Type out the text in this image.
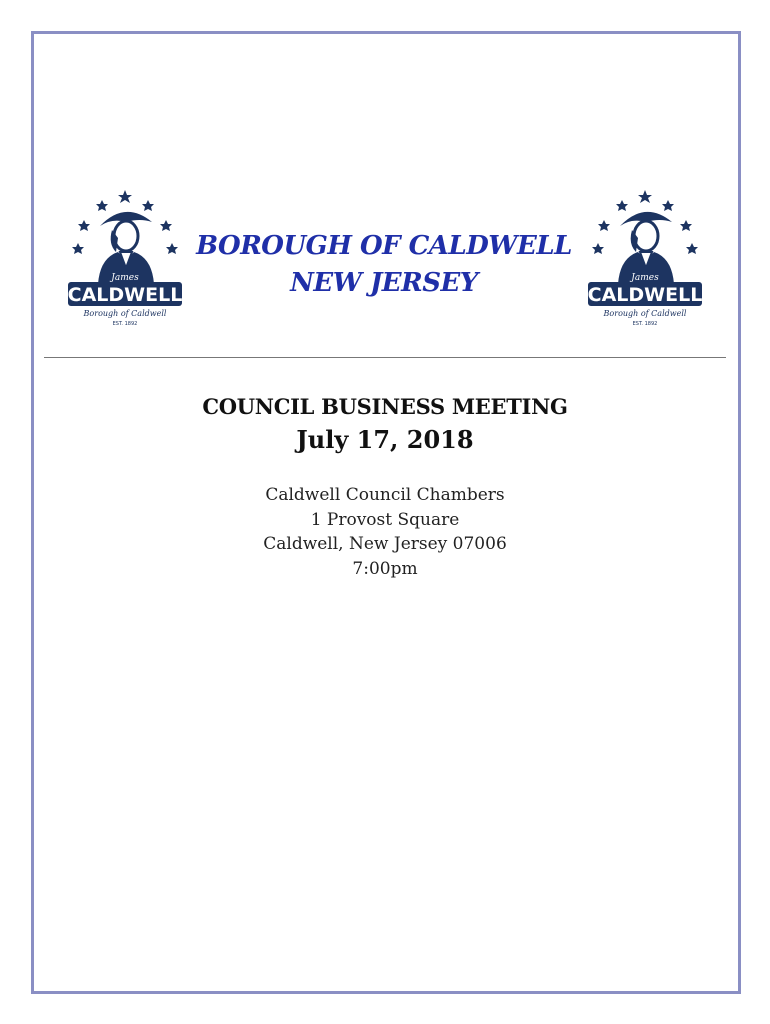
CALDWELL
James
Borough of Caldwell
EST. 1892
CALDWELL
James
Borough of Caldwell
EST. 1892
BOROUGH OF CALDWELL
NEW JERSEY
COUNCIL BUSINESS MEETING
July 17, 2018
Caldwell Council Chambers
1 Provost Square
Caldwell, New Jersey 07006
7:00pm
